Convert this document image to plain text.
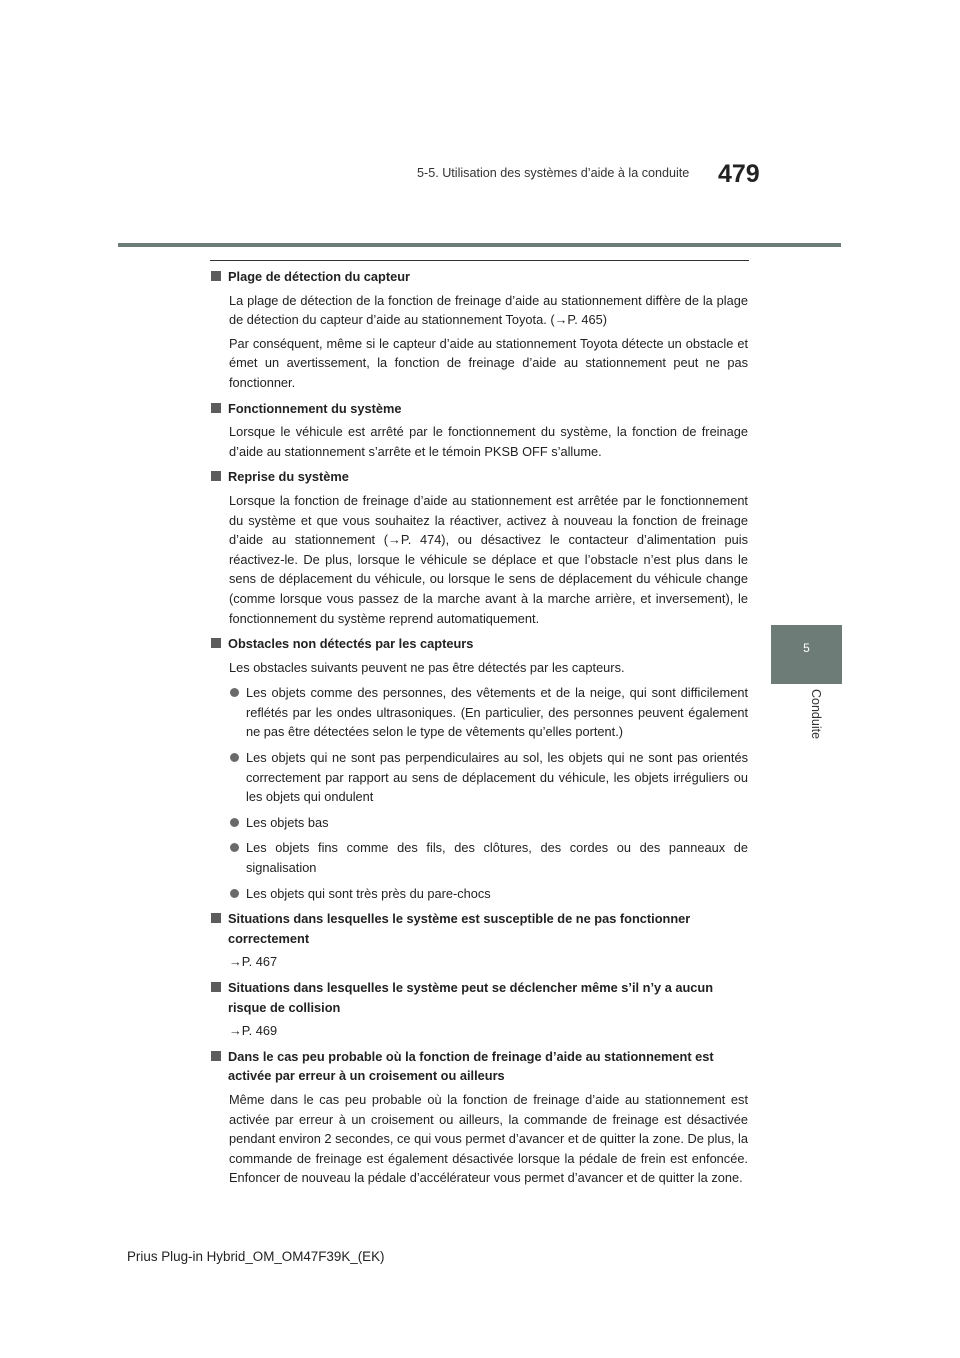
479
5-5. Utilisation des systèmes d’aide à la conduite
5
Conduite
Plage de détection du capteur
La plage de détection de la fonction de freinage d’aide au stationnement diffère de la plage de détection du capteur d’aide au stationnement Toyota. (→P. 465)
Par conséquent, même si le capteur d’aide au stationnement Toyota détecte un obstacle et émet un avertissement, la fonction de freinage d’aide au stationnement peut ne pas fonctionner.
Fonctionnement du système
Lorsque le véhicule est arrêté par le fonctionnement du système, la fonction de freinage d’aide au stationnement s’arrête et le témoin PKSB OFF s’allume.
Reprise du système
Lorsque la fonction de freinage d’aide au stationnement est arrêtée par le fonctionnement du système et que vous souhaitez la réactiver, activez à nouveau la fonction de freinage d’aide au stationnement (→P. 474), ou désactivez le contacteur d’alimentation puis réactivez-le. De plus, lorsque le véhicule se déplace et que l’obstacle n’est plus dans le sens de déplacement du véhicule, ou lorsque le sens de déplacement du véhicule change (comme lorsque vous passez de la marche avant à la marche arrière, et inversement), le fonctionnement du système reprend automatiquement.
Obstacles non détectés par les capteurs
Les obstacles suivants peuvent ne pas être détectés par les capteurs.
Les objets comme des personnes, des vêtements et de la neige, qui sont difficilement reflétés par les ondes ultrasoniques. (En particulier, des personnes peuvent également ne pas être détectées selon le type de vêtements qu’elles portent.)
Les objets qui ne sont pas perpendiculaires au sol, les objets qui ne sont pas orientés correctement par rapport au sens de déplacement du véhicule, les objets irréguliers ou les objets qui ondulent
Les objets bas
Les objets fins comme des fils, des clôtures, des cordes ou des panneaux de signalisation
Les objets qui sont très près du pare-chocs
Situations dans lesquelles le système est susceptible de ne pas fonctionner correctement
→P. 467
Situations dans lesquelles le système peut se déclencher même s’il n’y a aucun risque de collision
→P. 469
Dans le cas peu probable où la fonction de freinage d’aide au stationnement est activée par erreur à un croisement ou ailleurs
Même dans le cas peu probable où la fonction de freinage d’aide au stationnement est activée par erreur à un croisement ou ailleurs, la commande de freinage est désactivée pendant environ 2 secondes, ce qui vous permet d’avancer et de quitter la zone. De plus, la commande de freinage est également désactivée lorsque la pédale de frein est enfoncée. Enfoncer de nouveau la pédale d’accélérateur vous permet d’avancer et de quitter la zone.
Prius Plug-in Hybrid_OM_OM47F39K_(EK)
